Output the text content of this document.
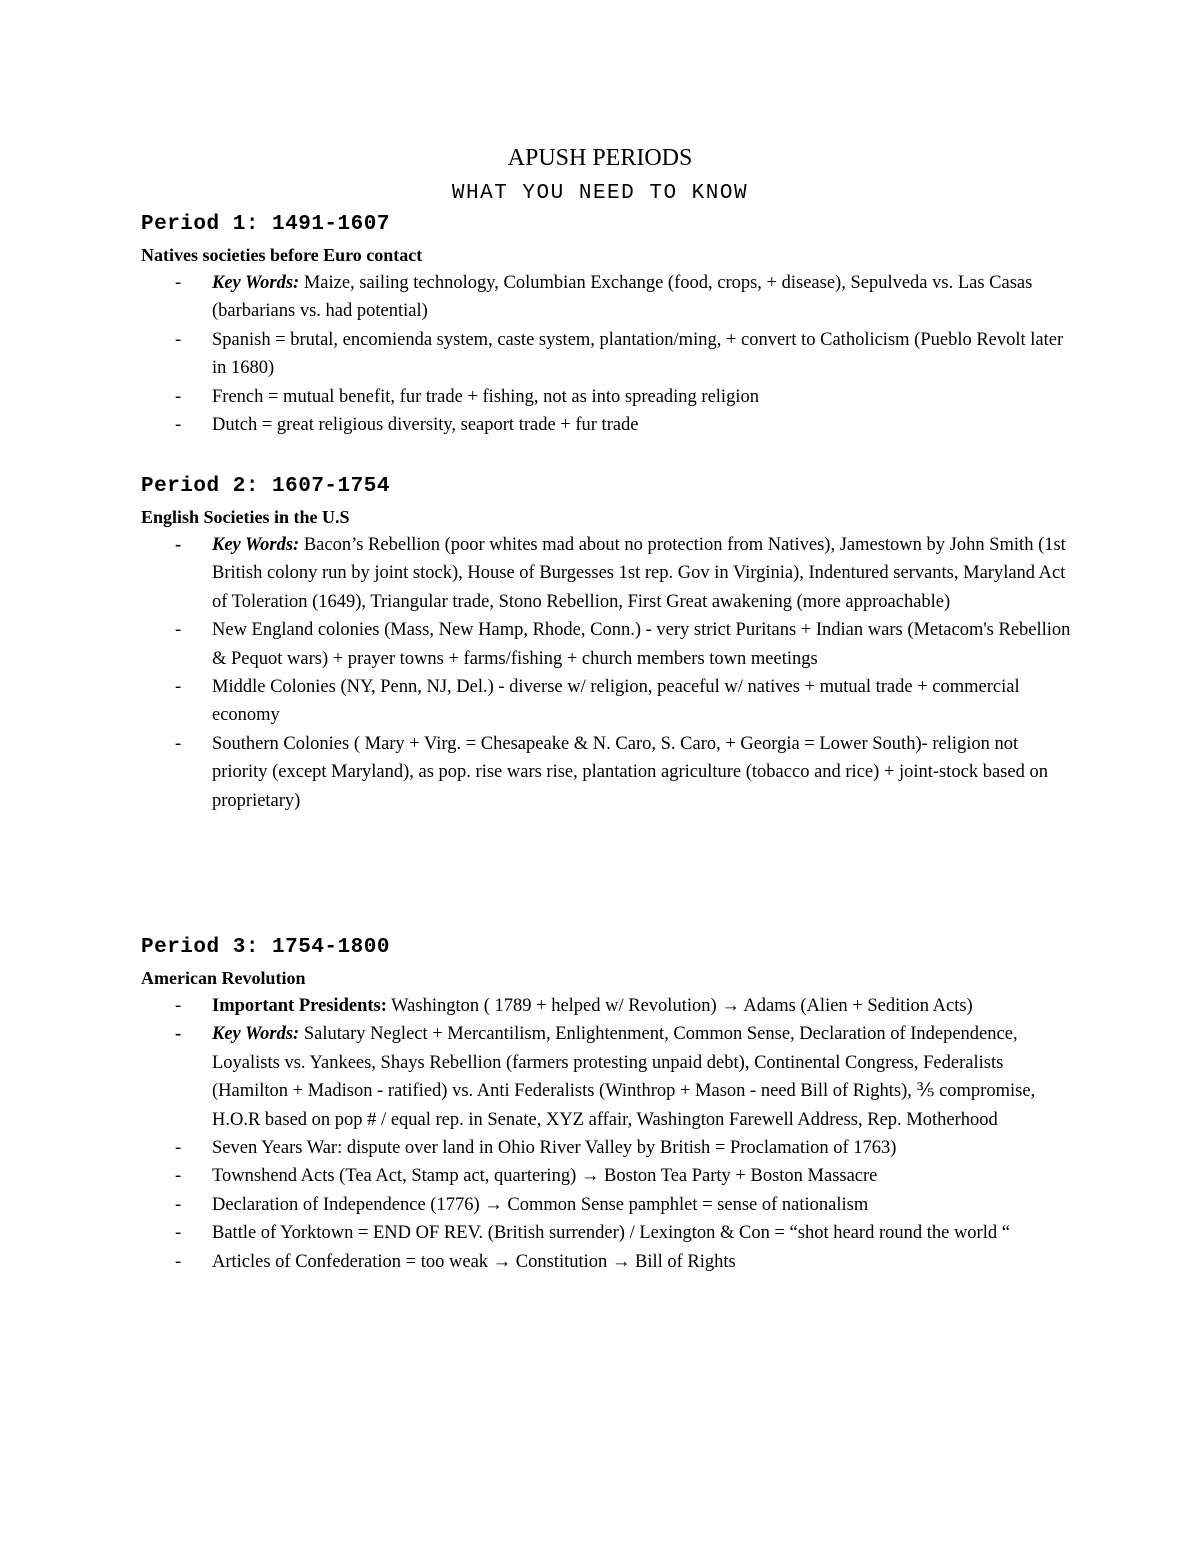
APUSH PERIODS
WHAT YOU NEED TO KNOW
Period 1: 1491-1607
Natives societies before Euro contact
- Key Words: Maize, sailing technology, Columbian Exchange (food, crops, + disease), Sepulveda vs. Las Casas (barbarians vs. had potential)
- Spanish = brutal, encomienda system, caste system, plantation/ming, + convert to Catholicism (Pueblo Revolt later in 1680)
- French = mutual benefit, fur trade + fishing, not as into spreading religion
- Dutch = great religious diversity, seaport trade + fur trade
Period 2: 1607-1754
English Societies in the U.S
- Key Words: Bacon’s Rebellion (poor whites mad about no protection from Natives), Jamestown by John Smith (1st British colony run by joint stock), House of Burgesses 1st rep. Gov in Virginia), Indentured servants, Maryland Act of Toleration (1649), Triangular trade, Stono Rebellion, First Great awakening (more approachable)
- New England colonies (Mass, New Hamp, Rhode, Conn.) - very strict Puritans + Indian wars (Metacom's Rebellion & Pequot wars) + prayer towns + farms/fishing + church members town meetings
- Middle Colonies (NY, Penn, NJ, Del.) - diverse w/ religion, peaceful w/ natives + mutual trade + commercial economy
- Southern Colonies ( Mary + Virg. = Chesapeake & N. Caro, S. Caro, + Georgia = Lower South)- religion not priority (except Maryland), as pop. rise wars rise, plantation agriculture (tobacco and rice) + joint-stock based on proprietary)
Period 3: 1754-1800
American Revolution
- Important Presidents: Washington ( 1789 + helped w/ Revolution) → Adams (Alien + Sedition Acts)
- Key Words: Salutary Neglect + Mercantilism, Enlightenment, Common Sense, Declaration of Independence, Loyalists vs. Yankees, Shays Rebellion (farmers protesting unpaid debt), Continental Congress, Federalists (Hamilton + Madison - ratified) vs. Anti Federalists (Winthrop + Mason - need Bill of Rights), ⅗ compromise, H.O.R based on pop # / equal rep. in Senate, XYZ affair, Washington Farewell Address, Rep. Motherhood
- Seven Years War: dispute over land in Ohio River Valley by British = Proclamation of 1763)
- Townshend Acts (Tea Act, Stamp act, quartering) → Boston Tea Party + Boston Massacre
- Declaration of Independence (1776) → Common Sense pamphlet = sense of nationalism
- Battle of Yorktown = END OF REV. (British surrender) / Lexington & Con = “shot heard round the world “
- Articles of Confederation = too weak → Constitution → Bill of Rights
